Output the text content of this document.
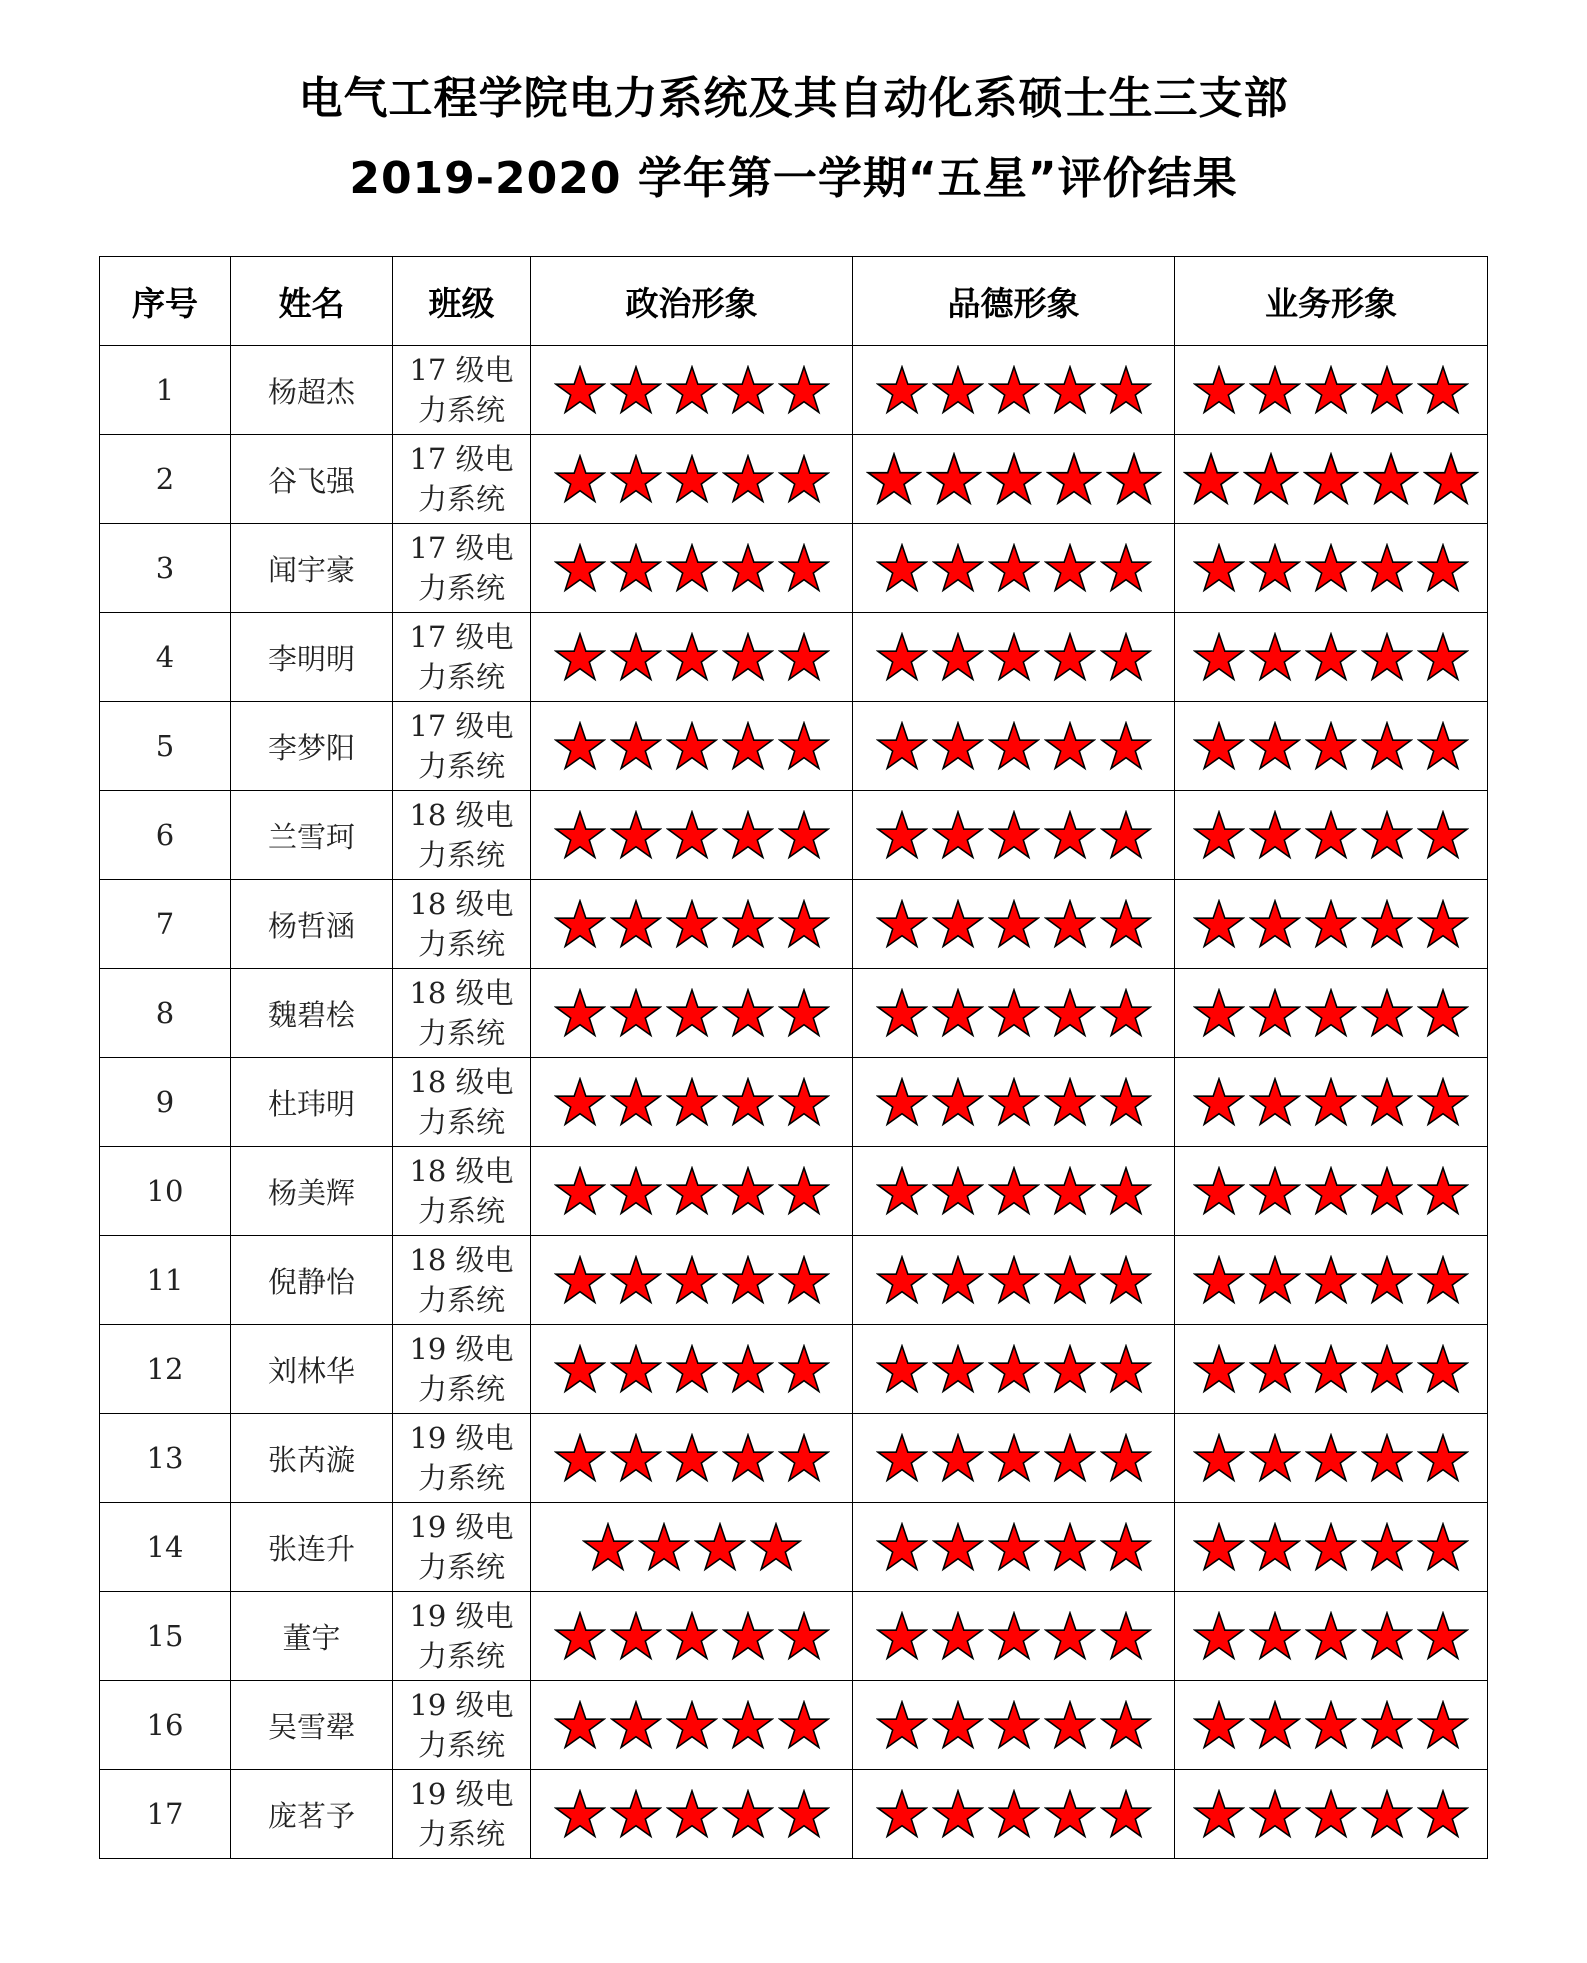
电气工程学院电力系统及其自动化系硕士生三支部
2019-2020 学年第一学期“五星”评价结果
序号	姓名	班级	政治形象	品德形象	业务形象
1	杨超杰	17 级电
力系统

2	谷飞强	17 级电
力系统

3	闻宇豪	17 级电
力系统

4	李明明	17 级电
力系统

5	李梦阳	17 级电
力系统

6	兰雪珂	18 级电
力系统

7	杨哲涵	18 级电
力系统

8	魏碧桧	18 级电
力系统

9	杜玮明	18 级电
力系统

10	杨美辉	18 级电
力系统

11	倪静怡	18 级电
力系统

12	刘林华	19 级电
力系统

13	张芮漩	19 级电
力系统

14	张连升	19 级电
力系统

15	董宇	19 级电
力系统

16	吴雪翚	19 级电
力系统

17	庞茗予	19 级电
力系统
